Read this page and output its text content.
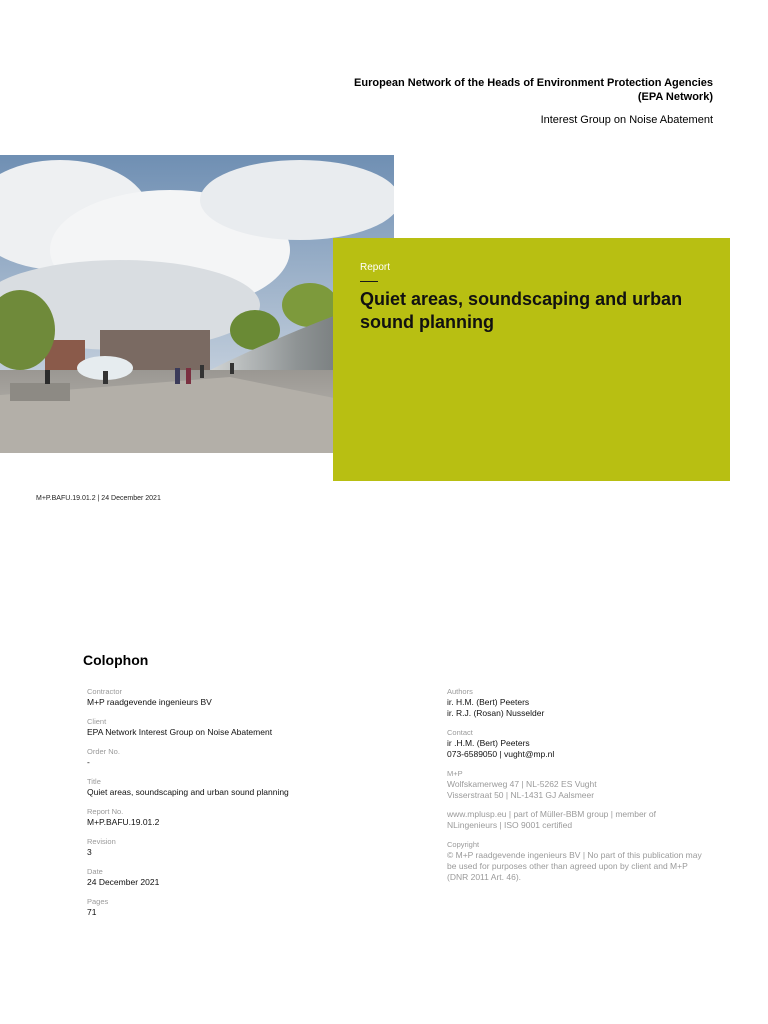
European Network of the Heads of Environment Protection Agencies
(EPA Network)
Interest Group on Noise Abatement
Report
Quiet areas, soundscaping and urban sound planning
M+P.BAFU.19.01.2 | 24 December 2021
Colophon
Contractor
M+P raadgevende ingenieurs BV
Client
EPA Network Interest Group on Noise Abatement
Order No.
-
Title
Quiet areas, soundscaping and urban sound planning
Report No.
M+P.BAFU.19.01.2
Revision
3
Date
24 December 2021
Pages
71
Authors
ir. H.M. (Bert) Peeters
ir. R.J. (Rosan) Nusselder
Contact
ir .H.M. (Bert) Peeters
073-6589050 | vught@mp.nl
M+P
Wolfskamerweg 47 | NL-5262 ES Vught
Visserstraat 50 | NL-1431 GJ Aalsmeer
www.mplusp.eu | part of Müller-BBM group | member of
NLingenieurs | ISO 9001 certified
Copyright
© M+P raadgevende ingenieurs BV | No part of this publication may
be used for purposes other than agreed upon by client and M+P
(DNR 2011 Art. 46).
